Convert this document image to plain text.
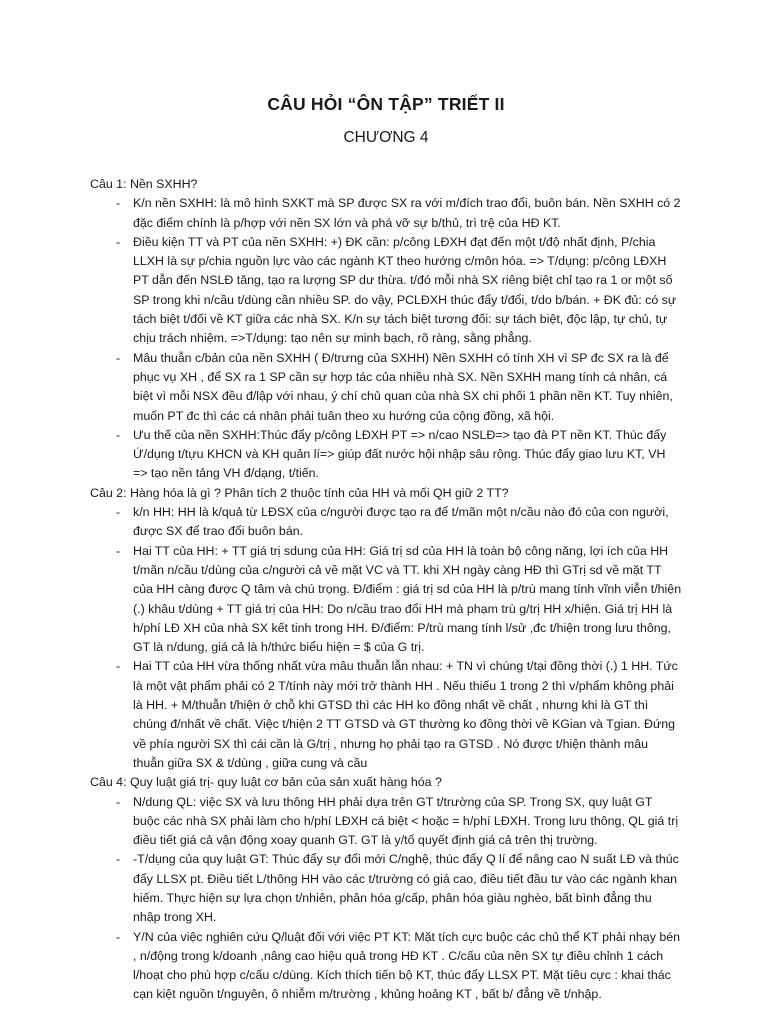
CÂU HỎI “ÔN TẬP” TRIẾT II
CHƯƠNG 4

Câu 1: Nền SXHH?

- K/n nền SXHH: là mô hình SXKT mà SP được SX ra với m/đích trao đổi, buôn bán. Nền SXHH có 2 đặc điểm chính là p/hợp với nền SX lớn và phá vỡ sự b/thủ, trì trệ của HĐ KT.
- Điều kiện TT và PT của nền SXHH: +) ĐK cần: p/công LĐXH đạt đến một t/độ nhất định, P/chia LLXH là sự p/chia nguồn lực vào các ngành KT theo hướng c/môn hóa. => T/dụng: p/công LĐXH PT dẫn đến NSLĐ tăng, tạo ra lượng SP dư thừa. t/đó mỗi nhà SX riêng biệt chỉ tạo ra 1 or một số SP trong khi n/cầu t/dùng cần nhiều SP. do vậy, PCLĐXH thúc đẩy t/đổi, t/do b/bán. + ĐK đủ: có sự tách biệt t/đối về KT giữa các nhà SX. K/n sự tách biệt tương đối: sự tách biệt, độc lập, tự chủ, tự chịu trách nhiệm. =>T/dụng: tạo nên sự minh bạch, rõ ràng, sằng phẳng.
- Mâu thuẫn c/bản của nền SXHH ( Đ/trưng của SXHH) Nền SXHH có tính XH vì SP đc SX ra là để phục vụ XH , để SX ra 1 SP cần sự hợp tác của nhiều nhà SX. Nền SXHH mang tính cá nhân, cá biệt vì mỗi NSX đều đ/lập với nhau, ý chí chủ quan của nhà SX chi phối 1 phần nền KT. Tuy nhiên, muốn PT đc thì các cá nhân phải tuân theo xu hướng của cộng đồng, xã hội.
- Ưu thế của nền SXHH:Thúc đẩy p/công LĐXH PT => n/cao NSLĐ=> tạo đà PT nền KT. Thúc đẩy Ứ/dụng t/tựu KHCN và KH quản lí=> giúp đất nước hội nhập sâu rộng. Thúc đẩy giao lưu KT, VH => tạo nền tảng VH đ/dạng, t/tiến.

Câu 2: Hàng hóa là gì ? Phân tích 2 thuộc tính của HH và mối QH giữ 2 TT?

- k/n HH: HH là k/quả từ LĐSX của c/người được tạo ra để t/mãn một n/cầu nào đó của con người, được SX để trao đổi buôn bán.
- Hai TT của HH: + TT giá trị sdung của HH: Giá trị sd của HH là toàn bộ công năng, lợi ích của HH t/mãn n/cầu t/dùng của c/người cả về mặt VC và TT. khi XH ngày càng HĐ thì GTrị sd về mặt TT của HH càng được Q tâm và chú trọng. Đ/điểm : giá trị sd của HH là p/trù mang tính vĩnh viễn t/hiện (.) khâu t/dùng + TT giá trị của HH: Do n/cầu trao đổi HH mà phạm trù g/trị HH x/hiện. Giá trị HH là h/phí LĐ XH của nhà SX kết tinh trong HH. Đ/điểm: P/trù mang tính l/sử ,đc t/hiện trong lưu thông, GT là n/dung, giá cả là h/thức biểu hiện = $ của G trị.
- Hai TT của HH vừa thống nhất vừa mâu thuẫn lẫn nhau: + TN vì chúng t/tại đồng thời (.) 1 HH. Tức là một vật phẩm phải có 2 T/tính này mới trở thành HH . Nếu thiếu 1 trong 2 thì v/phẩm không phải là HH. + M/thuẫn t/hiện ở chỗ khi GTSD thì các HH ko đồng nhất về chất , nhưng khi là GT thì chúng đ/nhất về chất. Việc t/hiện 2 TT GTSD và GT thường ko đồng thời về KGian và Tgian. Đứng về phía người SX thì cái cần là G/trị , nhưng họ phải tạo ra GTSD . Nó được t/hiện thành mâu thuẫn giữa SX & t/dùng , giữa cung và cầu

Câu 4: Quy luật giá trị- quy luật cơ bản của sản xuất hàng hóa ?

- N/dung QL: việc SX và lưu thông HH phải dựa trên GT t/trường của SP. Trong SX, quy luật GT buộc các nhà SX phải làm cho h/phí LĐXH cá biệt < hoặc = h/phí LĐXH. Trong lưu thông, QL giá trị điều tiết giá cả vận động xoay quanh GT. GT là y/tố quyết định giá cả trên thị trường.
- -T/dụng của quy luật GT: Thúc đẩy sự đổi mới C/nghệ, thúc đẩy Q lí để nâng cao N suất LĐ và thúc đẩy LLSX pt. Điều tiết L/thông HH vào các t/trường có giá cao, điều tiết đầu tư vào các ngành khan hiếm. Thực hiện sự lựa chọn t/nhiên, phân hóa g/cấp, phân hóa giàu nghèo, bất bình đẳng thu nhập trong XH.
- Y/N của việc nghiên cứu Q/luật đối với việc PT KT: Mặt tích cực buộc các chủ thể KT phải nhạy bén , n/động trong k/doanh ,nâng cao hiệu quả trong HĐ KT . C/cấu của nền SX tự điều chỉnh 1 cách l/hoạt cho phù hợp c/cấu c/dùng. Kích thích tiến bộ KT, thúc đẩy LLSX PT. Mặt tiêu cực : khai thác cạn kiệt nguồn t/nguyên, ô nhiễm m/trường , khủng hoảng KT , bất b/ đẳng về t/nhập.
